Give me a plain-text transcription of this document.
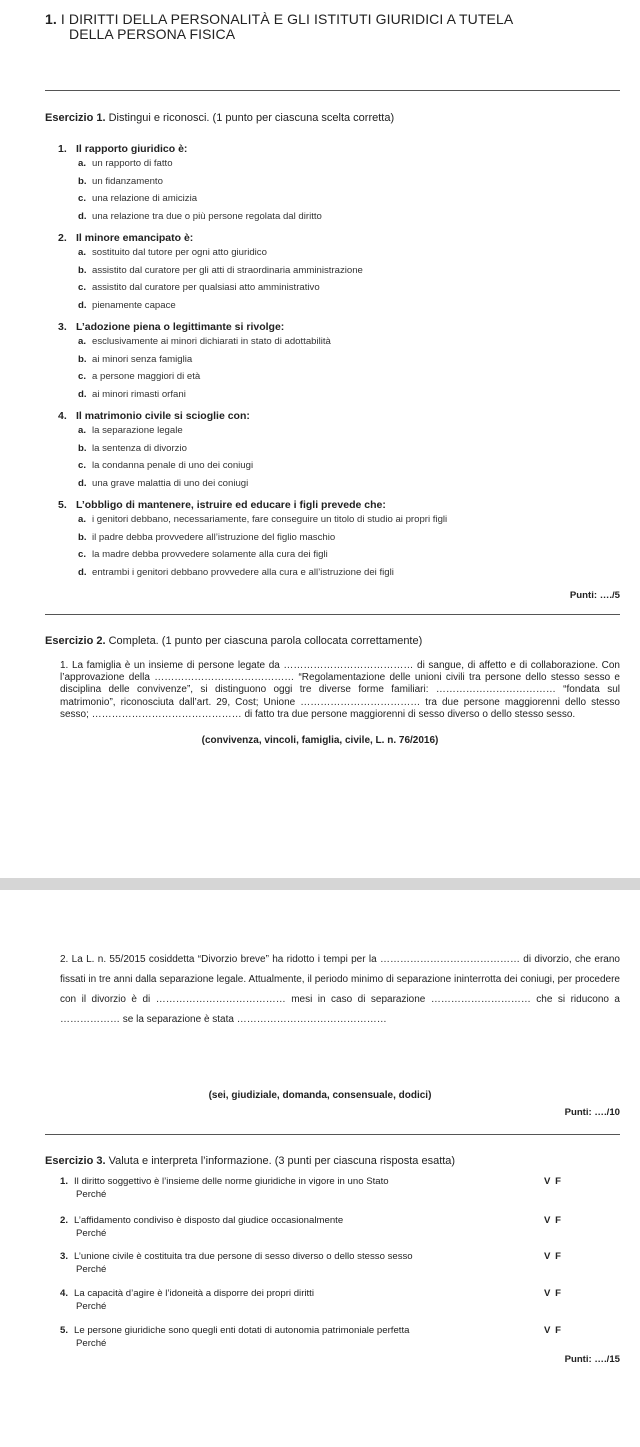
1. I DIRITTI DELLA PERSONALITÀ E GLI ISTITUTI GIURIDICI A TUTELA
DELLA PERSONA FISICA
Esercizio 1. Distingui e riconosci. (1 punto per ciascuna scelta corretta)
1. Il rapporto giuridico è:
a. un rapporto di fatto
b. un fidanzamento
c. una relazione di amicizia
d. una relazione tra due o più persone regolata dal diritto
2. Il minore emancipato è:
a. sostituito dal tutore per ogni atto giuridico
b. assistito dal curatore per gli atti di straordinaria amministrazione
c. assistito dal curatore per qualsiasi atto amministrativo
d. pienamente capace
3. L’adozione piena o legittimante si rivolge:
a. esclusivamente ai minori dichiarati in stato di adottabilità
b. ai minori senza famiglia
c. a persone maggiori di età
d. ai minori rimasti orfani
4. Il matrimonio civile si scioglie con:
a. la separazione legale
b. la sentenza di divorzio
c. la condanna penale di uno dei coniugi
d. una grave malattia di uno dei coniugi
5. L’obbligo di mantenere, istruire ed educare i figli prevede che:
a. i genitori debbano, necessariamente, fare conseguire un titolo di studio ai propri figli
b. il padre debba provvedere all’istruzione del figlio maschio
c. la madre debba provvedere solamente alla cura dei figli
d. entrambi i genitori debbano provvedere alla cura e all’istruzione dei figli
Punti: …./5
Esercizio 2. Completa. (1 punto per ciascuna parola collocata correttamente)
1. La famiglia è un insieme di persone legate da ………………………………… di sangue, di affetto e di collaborazione. Con l’approvazione della …………………………………… “Regolamentazione delle unioni civili tra persone dello stesso sesso e disciplina delle convivenze”, si distinguono oggi tre diverse forme familiari: ……………………………… “fondata sul matrimonio”, riconosciuta dall’art. 29, Cost; Unione ……………………………… tra due persone maggiorenni dello stesso sesso; ……………………………………… di fatto tra due persone maggiorenni di sesso diverso o dello stesso sesso.
(convivenza, vincoli, famiglia, civile, L. n. 76/2016)
2. La L. n. 55/2015 cosiddetta “Divorzio breve” ha ridotto i tempi per la …………………………………… di divorzio, che erano fissati in tre anni dalla separazione legale. Attualmente, il periodo minimo di separazione ininterrotta dei coniugi, per procedere con il divorzio è di ………………………………… mesi in caso di separazione ………………………… che si riducono a ……………… se la separazione è stata ………………………………………
(sei, giudiziale, domanda, consensuale, dodici)
Punti: …./10
Esercizio 3. Valuta e interpreta l’informazione. (3 punti per ciascuna risposta esatta)
1. Il diritto soggettivo è l’insieme delle norme giuridiche in vigore in uno Stato	V F
Perché
2. L’affidamento condiviso è disposto dal giudice occasionalmente	V F
Perché
3. L’unione civile è costituita tra due persone di sesso diverso o dello stesso sesso	V F
Perché
4. La capacità d’agire è l’idoneità a disporre dei propri diritti	V F
Perché
5. Le persone giuridiche sono quegli enti dotati di autonomia patrimoniale perfetta	V F
Perché
Punti: …./15
